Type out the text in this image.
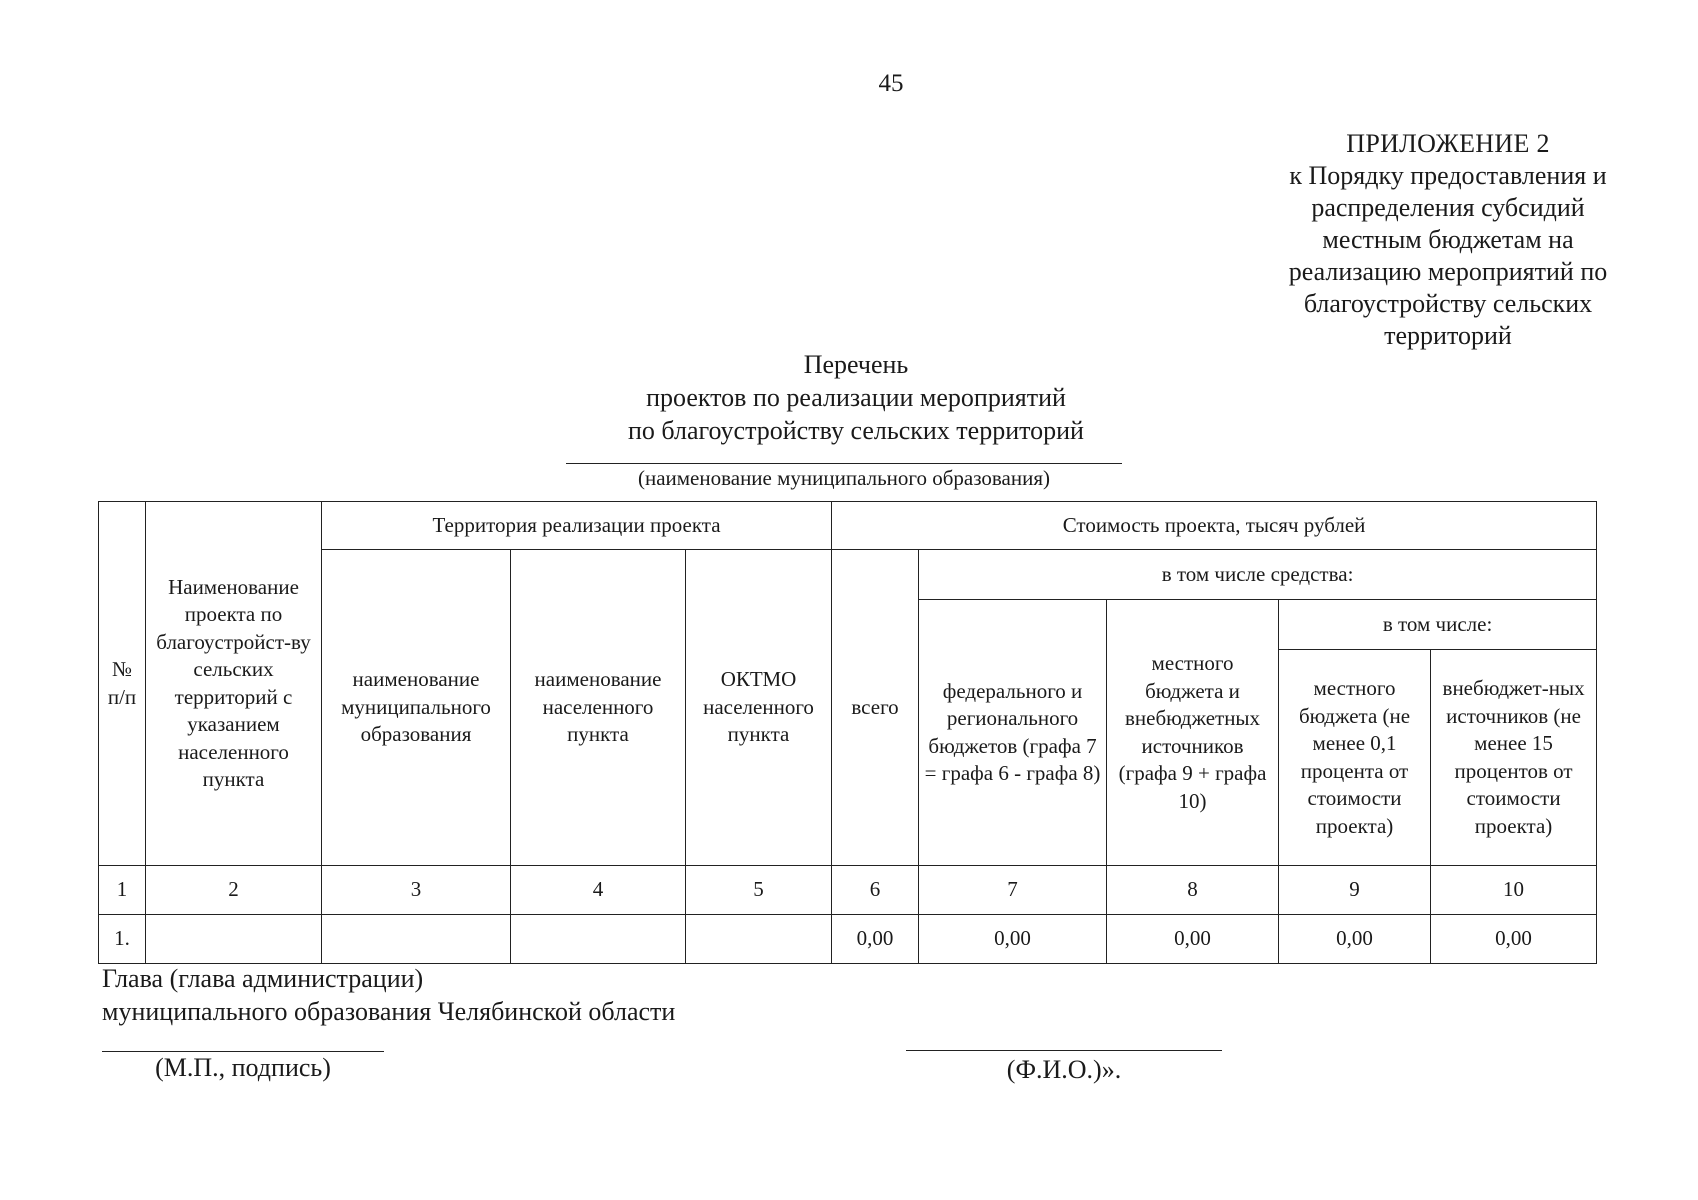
45
ПРИЛОЖЕНИЕ 2
к Порядку предоставления и
распределения субсидий
местным бюджетам на
реализацию мероприятий по
благоустройству сельских
территорий
Перечень
проектов по реализации мероприятий
по благоустройству сельских территорий
(наименование муниципального образования)
№ п/п	Наименование проекта по благоустройст-ву сельских территорий с указанием населенного пункта	Территория реализации проекта			Стоимость проекта, тысяч рублей				
		наименование муниципального образования	наименование населенного пункта	ОКТМО населенного пункта	всего	в том числе средства:			
						федерального и регионального бюджетов (графа 7 = графа 6 - графа 8)	местного бюджета и внебюджетных источников (графа 9 + графа 10)	в том числе:	
								местного бюджета (не менее 0,1 процента от стоимости проекта)	внебюджет-ных источников (не менее 15 процентов от стоимости проекта)
1	2	3	4	5	6	7	8	9	10
1.					0,00	0,00	0,00	0,00	0,00
Глава (глава администрации)
муниципального образования Челябинской области
(М.П., подпись)	(Ф.И.О.)».
